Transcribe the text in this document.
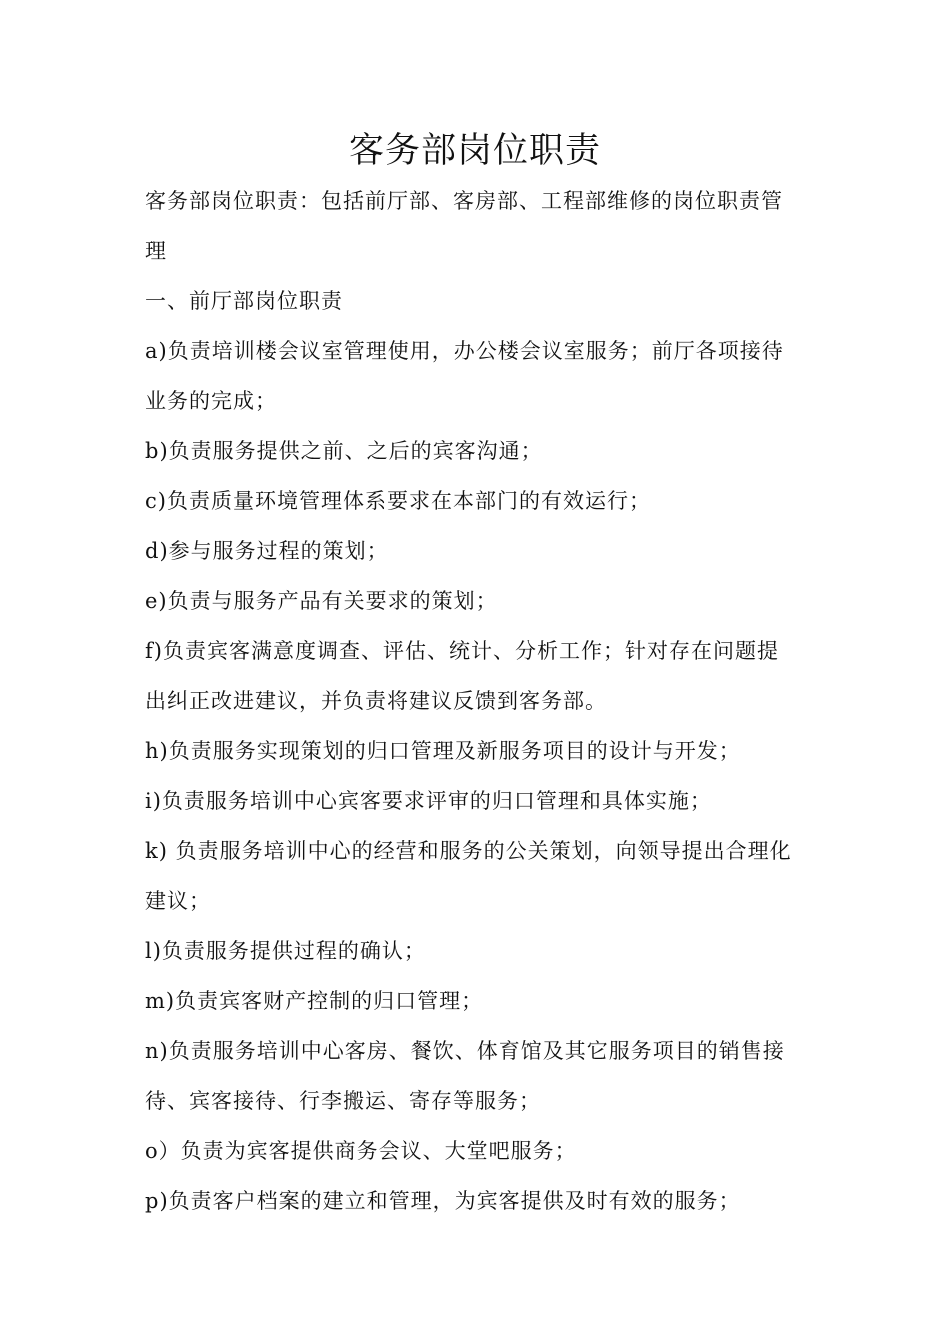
客务部岗位职责
客务部岗位职责：包括前厅部、客房部、工程部维修的岗位职责管
理
一、前厅部岗位职责
a)负责培训楼会议室管理使用，办公楼会议室服务；前厅各项接待
业务的完成；
b)负责服务提供之前、之后的宾客沟通；
c)负责质量环境管理体系要求在本部门的有效运行；
d)参与服务过程的策划；
e)负责与服务产品有关要求的策划；
f)负责宾客满意度调查、评估、统计、分析工作；针对存在问题提
出纠正改进建议，并负责将建议反馈到客务部。
h)负责服务实现策划的归口管理及新服务项目的设计与开发；
i)负责服务培训中心宾客要求评审的归口管理和具体实施；
k) 负责服务培训中心的经营和服务的公关策划，向领导提出合理化
建议；
l)负责服务提供过程的确认；
m)负责宾客财产控制的归口管理；
n)负责服务培训中心客房、餐饮、体育馆及其它服务项目的销售接
待、宾客接待、行李搬运、寄存等服务；
o）负责为宾客提供商务会议、大堂吧服务；
p)负责客户档案的建立和管理，为宾客提供及时有效的服务；
